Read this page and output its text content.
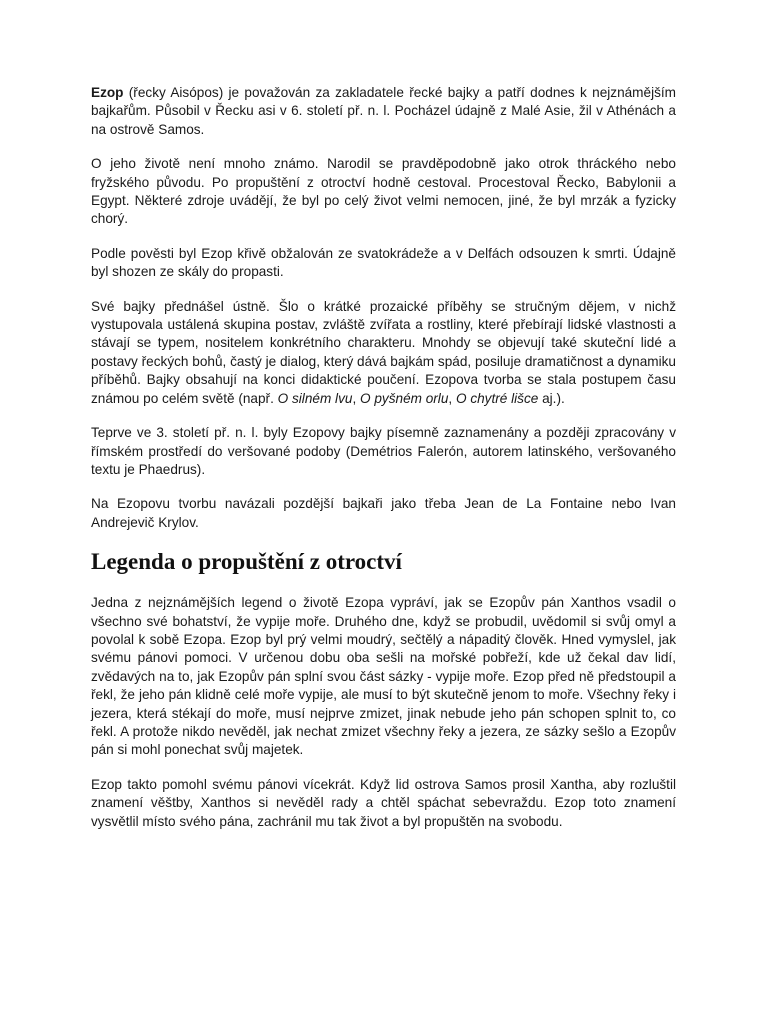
Ezop (řecky Aisópos) je považován za zakladatele řecké bajky a patří dodnes k nejznámějším bajkařům. Působil v Řecku asi v 6. století př. n. l. Pocházel údajně z Malé Asie, žil v Athénách a na ostrově Samos.

O jeho životě není mnoho známo. Narodil se pravděpodobně jako otrok thráckého nebo fryžského původu. Po propuštění z otroctví hodně cestoval. Procestoval Řecko, Babylonii a Egypt. Některé zdroje uvádějí, že byl po celý život velmi nemocen, jiné, že byl mrzák a fyzicky chorý.

Podle pověsti byl Ezop křivě obžalován ze svatokrádeže a v Delfách odsouzen k smrti. Údajně byl shozen ze skály do propasti.

Své bajky přednášel ústně. Šlo o krátké prozaické příběhy se stručným dějem, v nichž vystupovala ustálená skupina postav, zvláště zvířata a rostliny, které přebírají lidské vlastnosti a stávají se typem, nositelem konkrétního charakteru. Mnohdy se objevují také skuteční lidé a postavy řeckých bohů, častý je dialog, který dává bajkám spád, posiluje dramatičnost a dynamiku příběhů. Bajky obsahují na konci didaktické poučení. Ezopova tvorba se stala postupem času známou po celém světě (např. O silném lvu, O pyšném orlu, O chytré lišce aj.).

Teprve ve 3. století př. n. l. byly Ezopovy bajky písemně zaznamenány a později zpracovány v římském prostředí do veršované podoby (Demétrios Falerón, autorem latinského, veršovaného textu je Phaedrus).

Na Ezopovu tvorbu navázali pozdější bajkaři jako třeba Jean de La Fontaine nebo Ivan Andrejevič Krylov.

Legenda o propuštění z otroctví

Jedna z nejznámějších legend o životě Ezopa vypráví, jak se Ezopův pán Xanthos vsadil o všechno své bohatství, že vypije moře. Druhého dne, když se probudil, uvědomil si svůj omyl a povolal k sobě Ezopa. Ezop byl prý velmi moudrý, sečtělý a nápaditý člověk. Hned vymyslel, jak svému pánovi pomoci. V určenou dobu oba sešli na mořské pobřeží, kde už čekal dav lidí, zvědavých na to, jak Ezopův pán splní svou část sázky - vypije moře. Ezop před ně předstoupil a řekl, že jeho pán klidně celé moře vypije, ale musí to být skutečně jenom to moře. Všechny řeky i jezera, která stékají do moře, musí nejprve zmizet, jinak nebude jeho pán schopen splnit to, co řekl. A protože nikdo nevěděl, jak nechat zmizet všechny řeky a jezera, ze sázky sešlo a Ezopův pán si mohl ponechat svůj majetek.

Ezop takto pomohl svému pánovi vícekrát. Když lid ostrova Samos prosil Xantha, aby rozluštil znamení věštby, Xanthos si nevěděl rady a chtěl spáchat sebevraždu. Ezop toto znamení vysvětlil místo svého pána, zachránil mu tak život a byl propuštěn na svobodu.
